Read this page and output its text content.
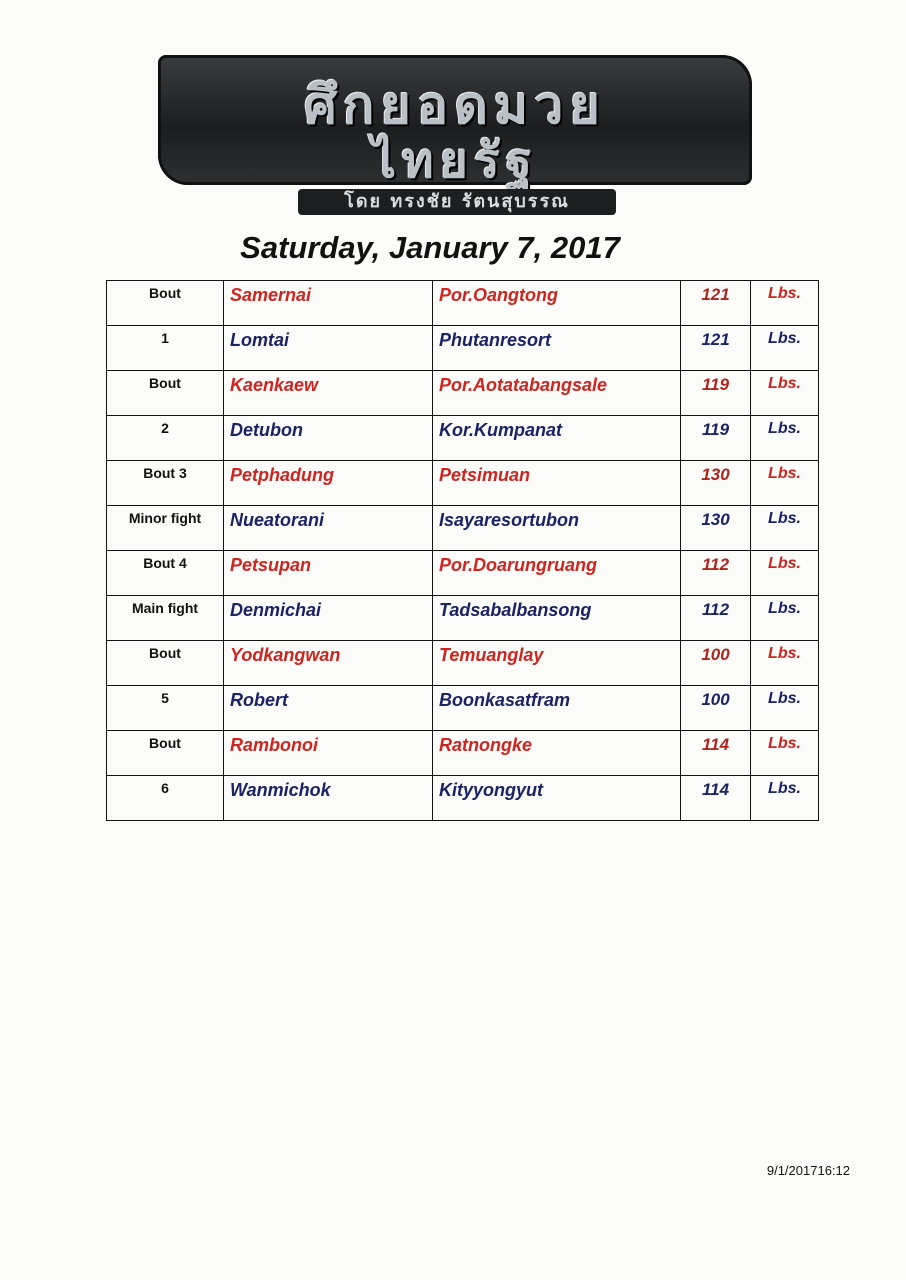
ศึกยอดมวย
ไทยรัฐ
โดย ทรงชัย รัตนสุบรรณ
Saturday, January 7, 2017
Bout	Samernai	Por.Oangtong	121	Lbs.
1	Lomtai	Phutanresort	121	Lbs.
Bout	Kaenkaew	Por.Aotatabangsale	119	Lbs.
2	Detubon	Kor.Kumpanat	119	Lbs.
Bout 3	Petphadung	Petsimuan	130	Lbs.
Minor fight	Nueatorani	Isayaresortubon	130	Lbs.
Bout 4	Petsupan	Por.Doarungruang	112	Lbs.
Main fight	Denmichai	Tadsabalbansong	112	Lbs.
Bout	Yodkangwan	Temuanglay	100	Lbs.
5	Robert	Boonkasatfram	100	Lbs.
Bout	Rambonoi	Ratnongke	114	Lbs.
6	Wanmichok	Kityyongyut	114	Lbs.
9/1/201716:12
